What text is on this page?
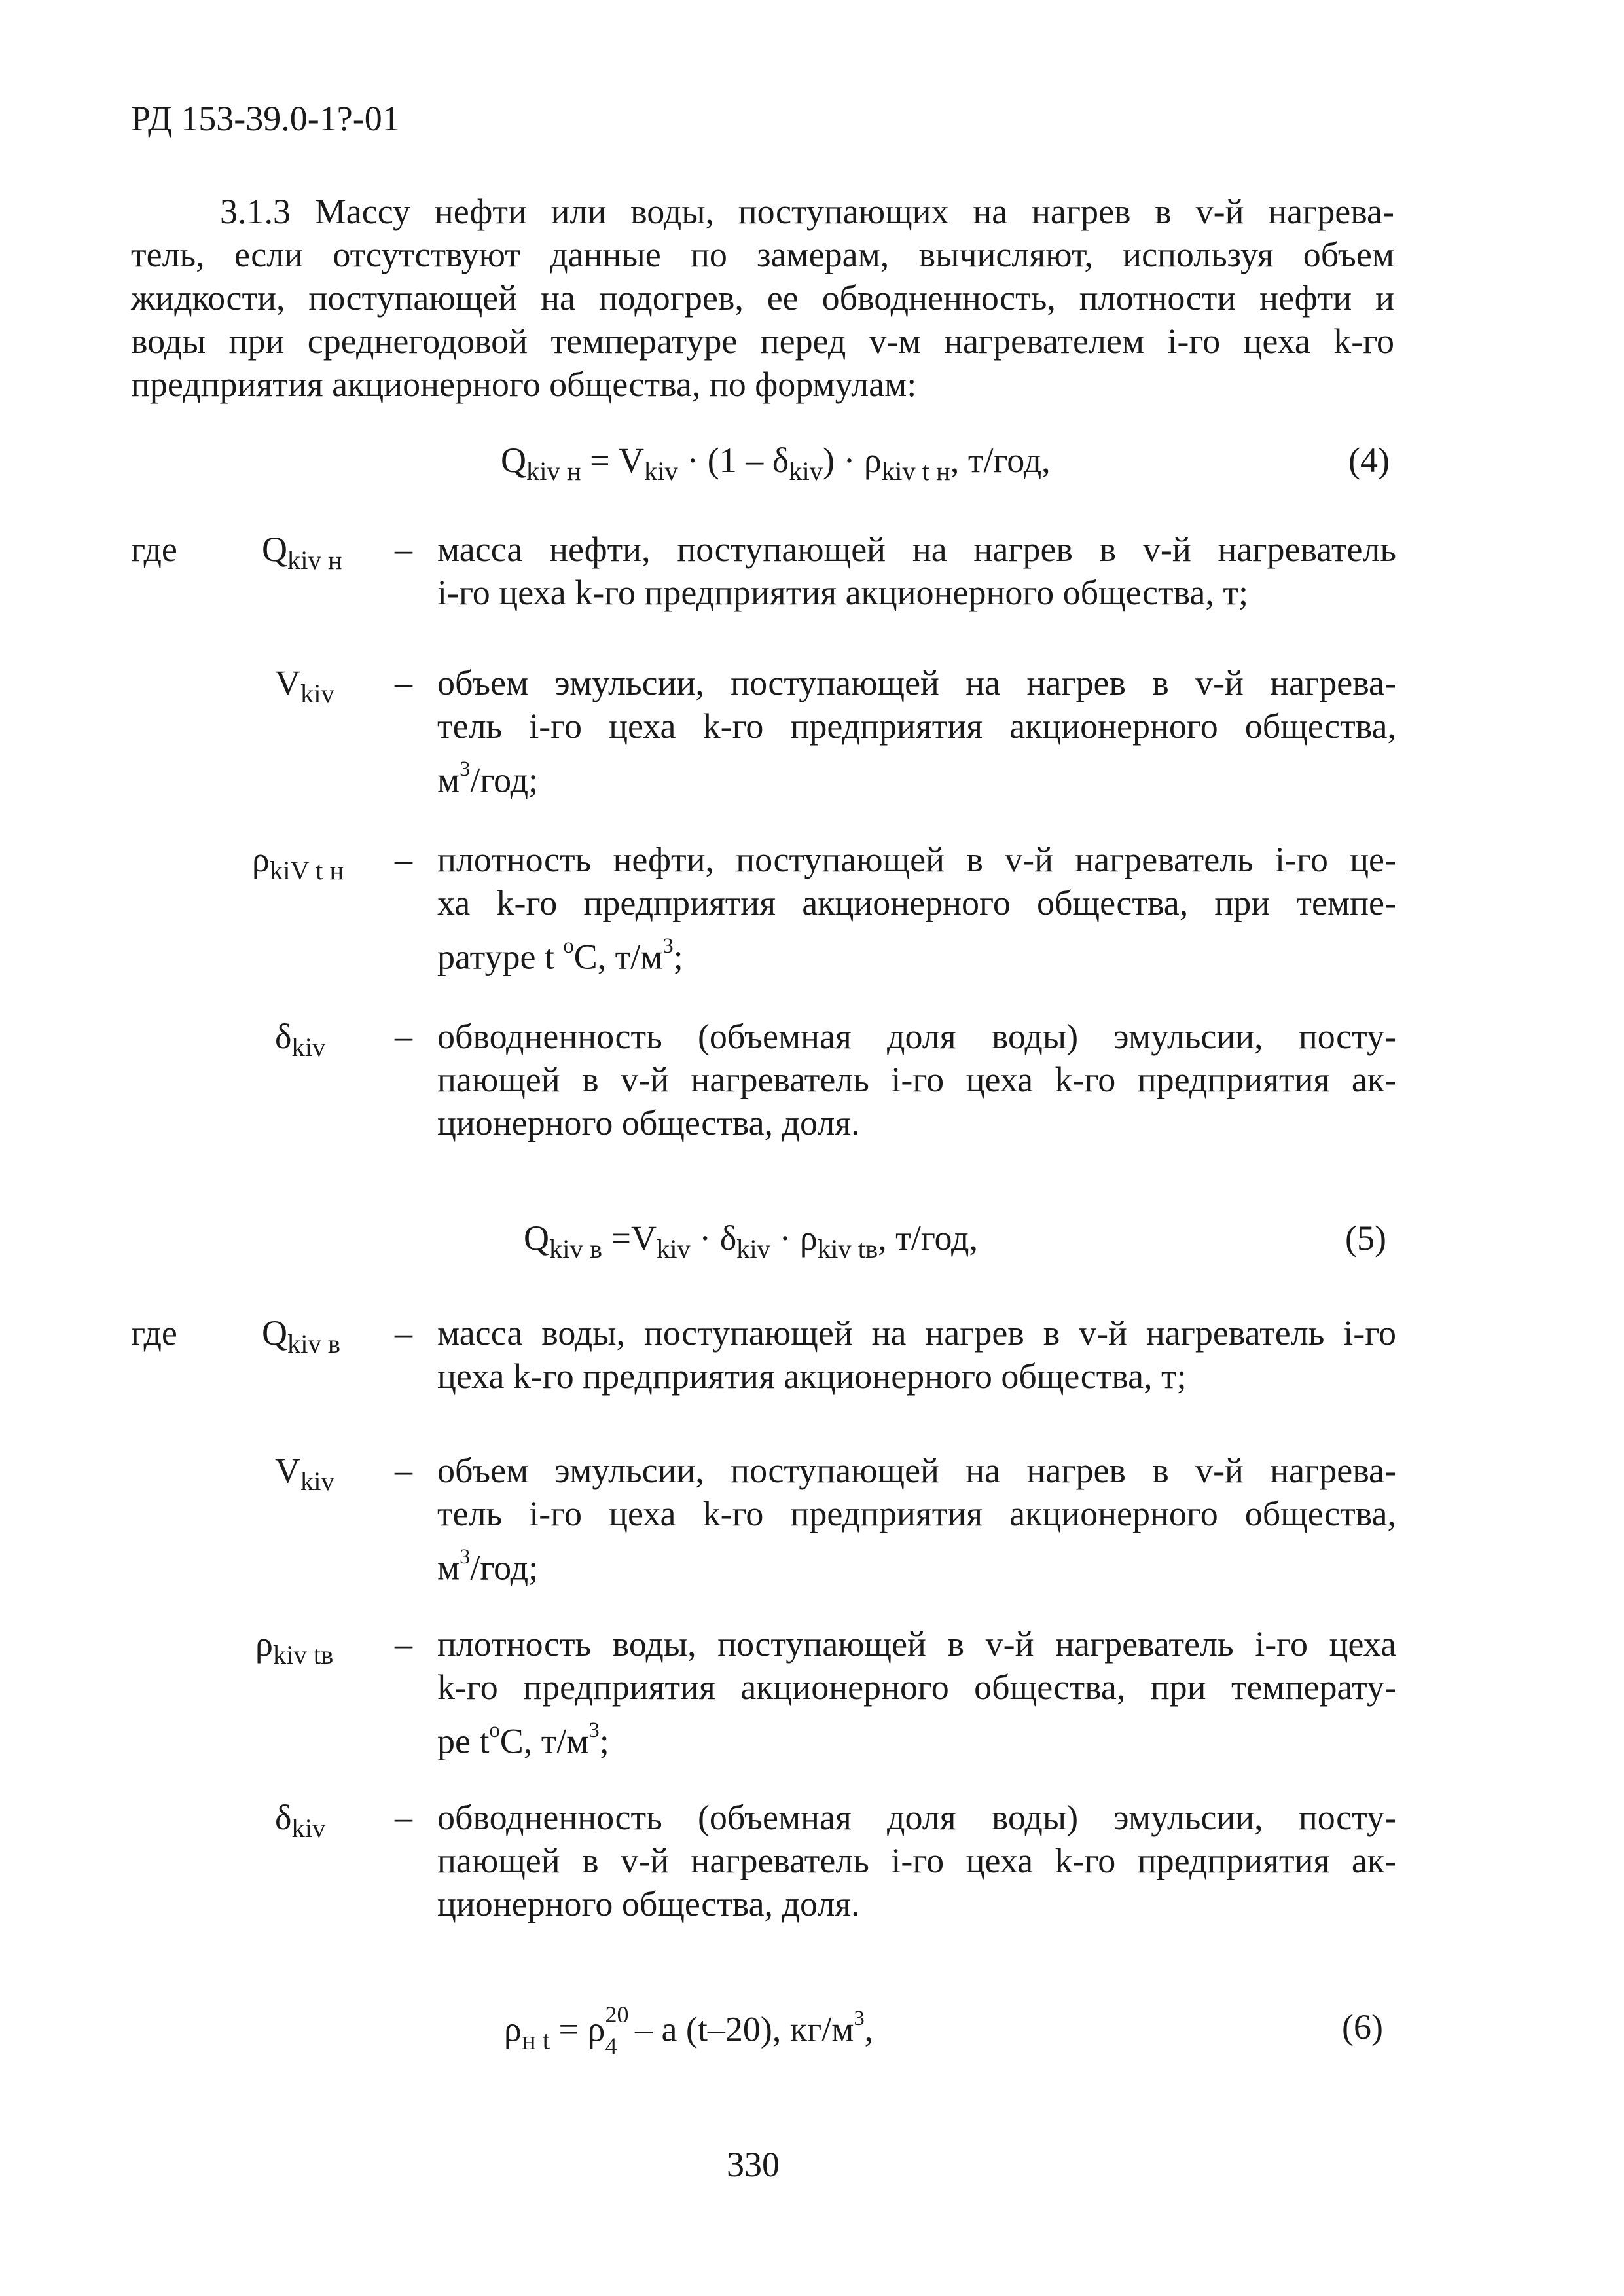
РД 153-39.0-1?-01
3.1.3 Массу нефти или воды, поступающих на нагрев в v-й нагрева-
тель, если отсутствуют данные по замерам, вычисляют, используя объем
жидкости, поступающей на подогрев, ее обводненность, плотности нефти и
воды при среднегодовой температуре перед v-м нагревателем i-го цеха k-го
предприятия акционерного общества, по формулам:
$Q_{kiv н} = V_{kiv} \cdot (1 - \delta_{kiv}) \cdot \rho_{kiv t н}$, т/год,	(4)
где $Q_{kiv н}$ – масса нефти, поступающей на нагрев в v-й нагреватель
i-го цеха k-го предприятия акционерного общества, т;
$V_{kiv}$ – объем эмульсии, поступающей на нагрев в v-й нагрева-
тель i-го цеха k-го предприятия акционерного общества,
$м^3$/год;
$\rho_{kiV t н}$ – плотность нефти, поступающей в v-й нагреватель i-го це-
ха k-го предприятия акционерного общества, при темпе-
ратуре t $^o$С, $т/м^3$;
$\delta_{kiv}$ – обводненность (объемная доля воды) эмульсии, посту-
пающей в v-й нагреватель i-го цеха k-го предприятия ак-
ционерного общества, доля.
$Q_{kiv в} =V_{kiv} \cdot \delta_{kiv} \cdot \rho_{kiv tв}$, т/год,	(5)
где $Q_{kiv в}$ – масса воды, поступающей на нагрев в v-й нагреватель i-го
цеха k-го предприятия акционерного общества, т;
$V_{kiv}$ – объем эмульсии, поступающей на нагрев в v-й нагрева-
тель i-го цеха k-го предприятия акционерного общества,
$м^3$/год;
$\rho_{kiv tв}$ – плотность воды, поступающей в v-й нагреватель i-го цеха
k-го предприятия акционерного общества, при температу-
ре $t^oС$, $т/м^3$;
$\delta_{kiv}$ – обводненность (объемная доля воды) эмульсии, посту-
пающей в v-й нагреватель i-го цеха k-го предприятия ак-
ционерного общества, доля.
$\rho_{н t} = \rho$ 20
4 – a (t–20), $кг/м^3$,	(6)
330
